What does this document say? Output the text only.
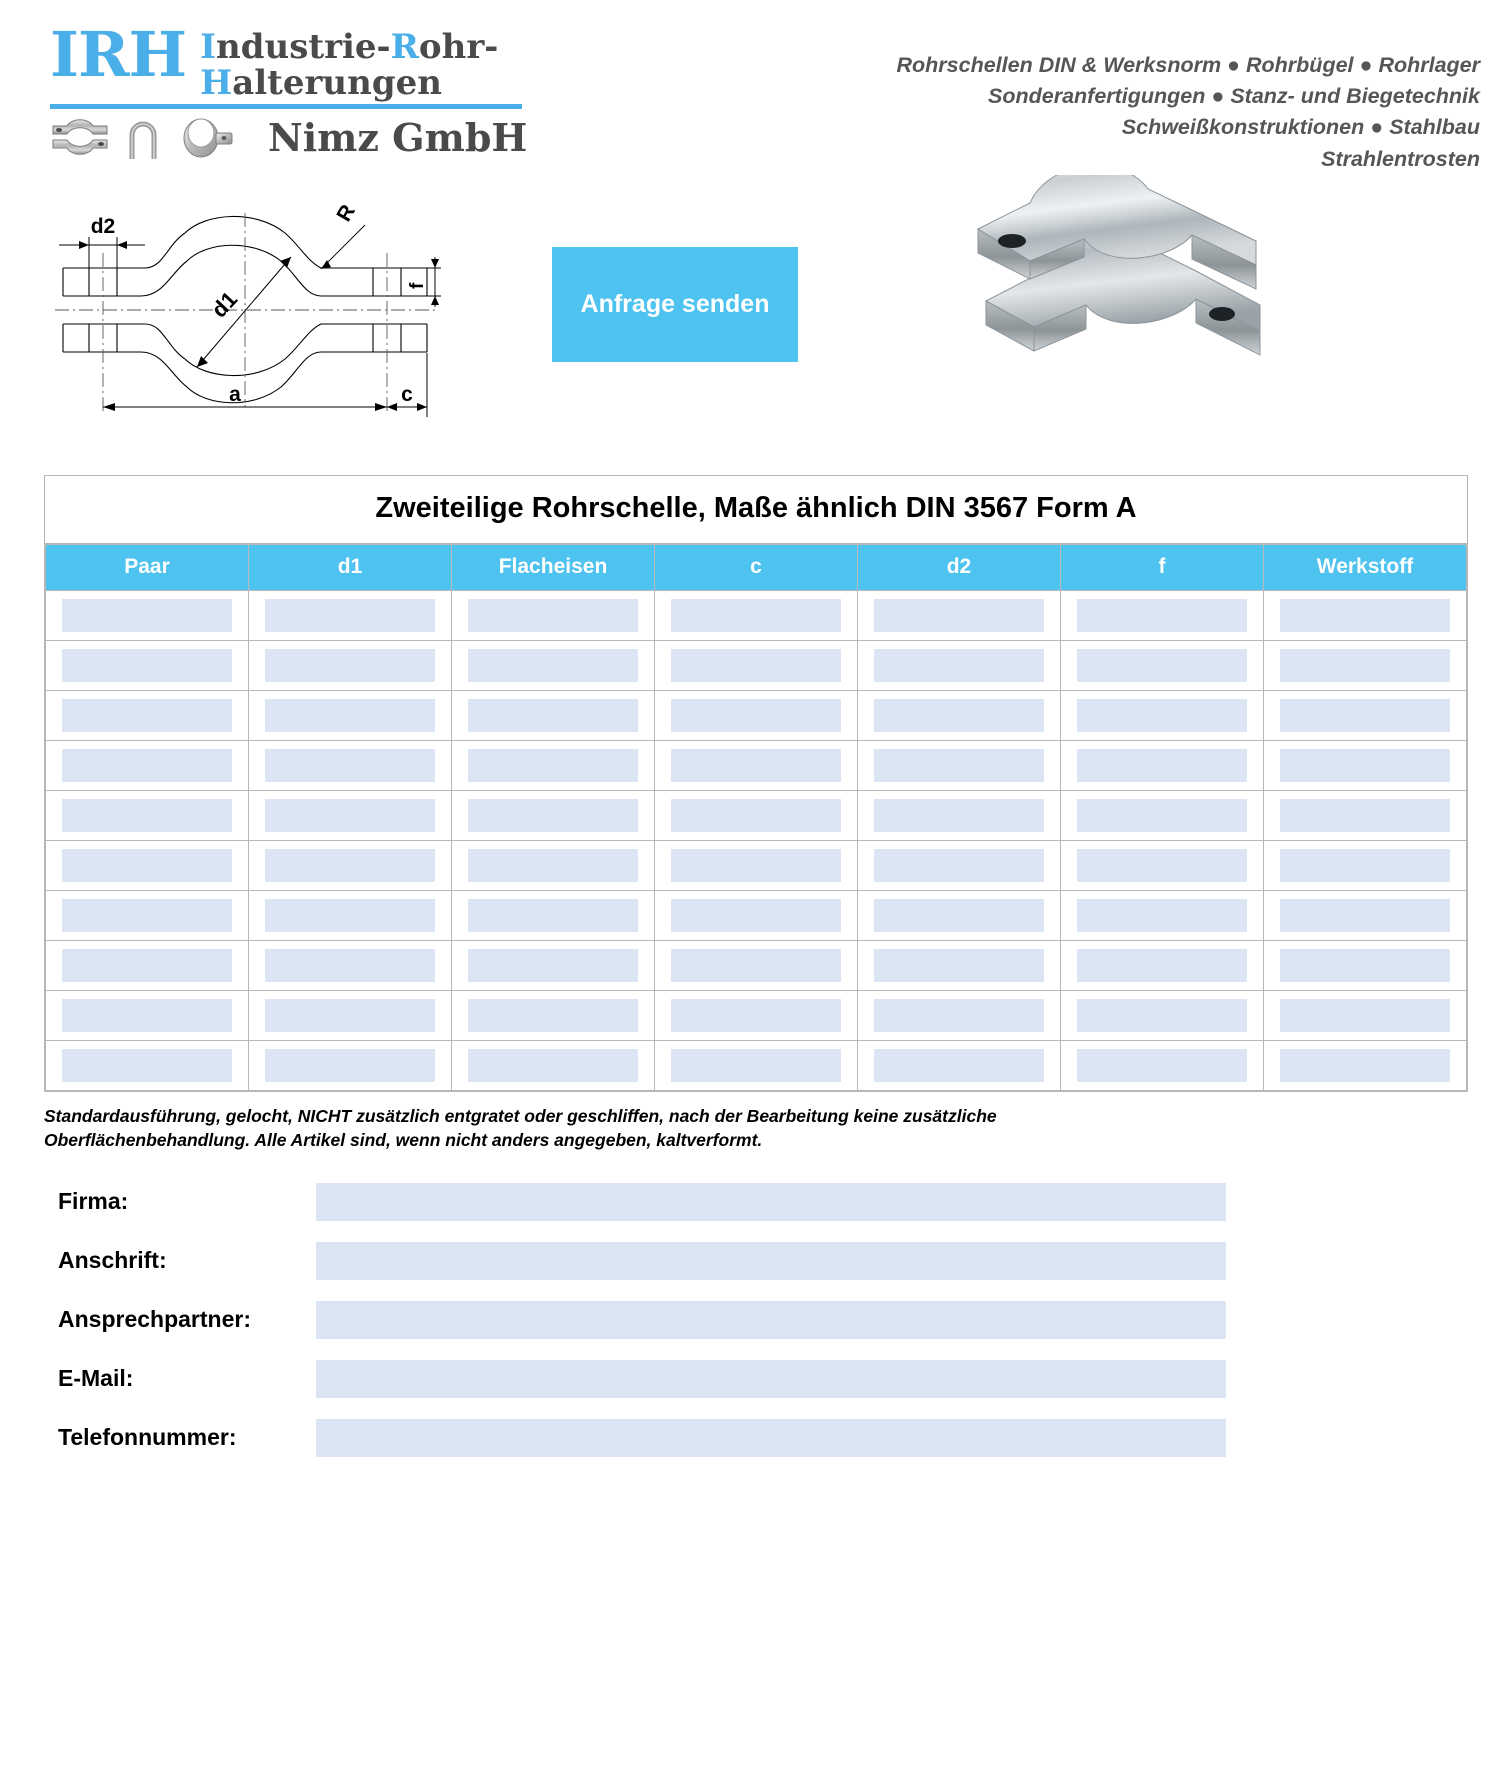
IRH Industrie-Rohr-
Halterungen
Nimz GmbH
Rohrschellen DIN & Werksnorm ● Rohrbügel ● Rohrlager
Sonderanfertigungen ● Stanz- und Biegetechnik
Schweißkonstruktionen ● Stahlbau
Strahlentrosten
d2
d1
R
f
a	c
Anfrage senden
Zweiteilige Rohrschelle, Maße ähnlich DIN 3567 Form A
Paar	d1	Flacheisen	c	d2	f	Werkstoff

Standardausführung, gelocht, NICHT zusätzlich entgratet oder geschliffen, nach der Bearbeitung keine zusätzliche Oberflächenbehandlung. Alle Artikel sind, wenn nicht anders angegeben, kaltverformt.
Firma:
Anschrift:
Ansprechpartner:
E-Mail:
Telefonnummer:
